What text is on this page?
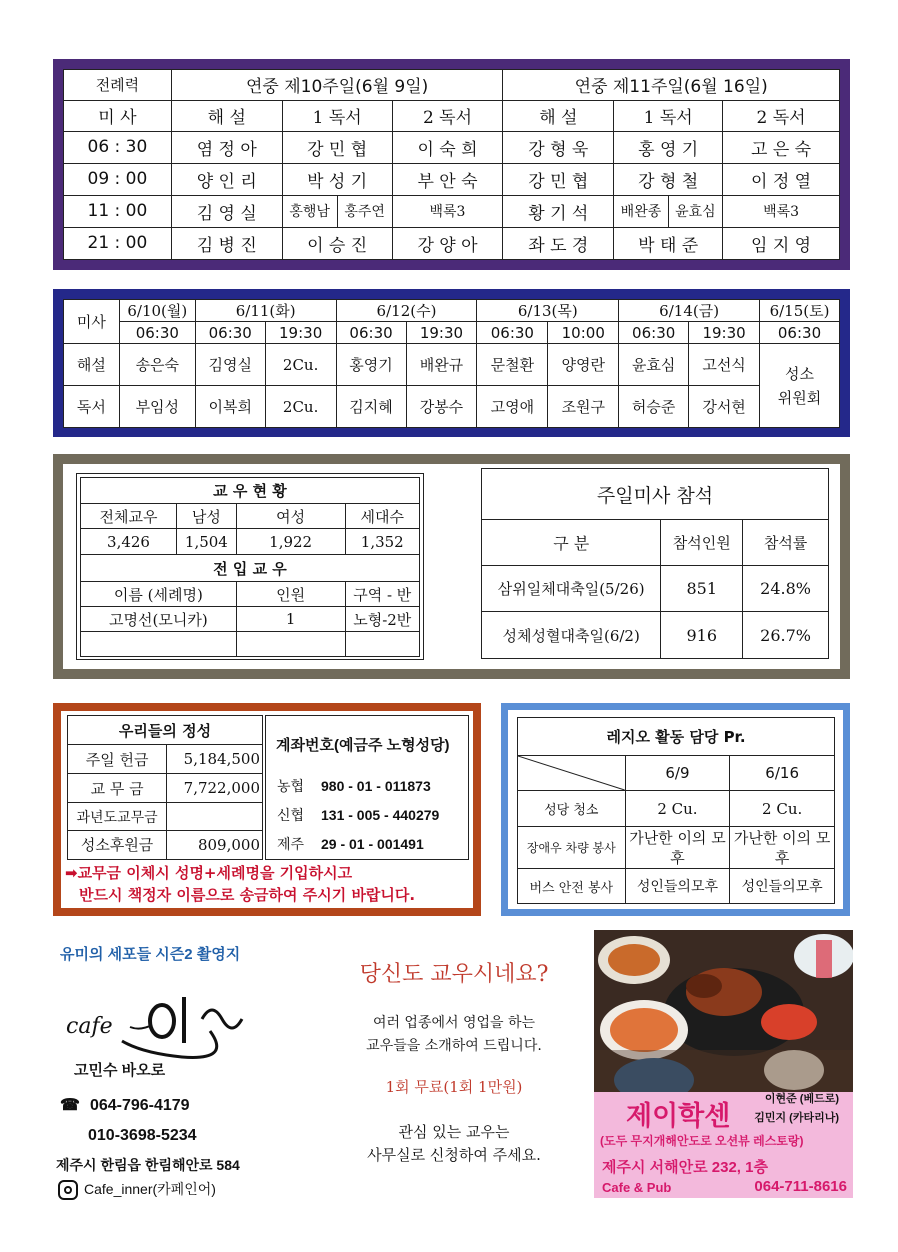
전례력	연중 제10주일(6월 9일)			연중 제11주일(6월 16일)		
미 사	해 설	1 독서	2 독서	해 설	1 독서	2 독서
06 : 30	염 정 아	강 민 협	이 숙 희	강 형 욱	홍 영 기	고 은 숙
09 : 00	양 인 리	박 성 기	부 안 숙	강 민 협	강 형 철	이 정 열
11 : 00	김 영 실	홍행남 홍주연	백록3	황 기 석	배완종 윤효심	백록3
21 : 00	김 병 진	이 승 진	강 양 아	좌 도 경	박 태 준	임 지 영
미사	6/10(월)	6/11(화)		6/12(수)		6/13(목)		6/14(금)		6/15(토)
	06:30	06:30	19:30	06:30	19:30	06:30	10:00	06:30	19:30	06:30
해설	송은숙	김영실	2Cu.	홍영기	배완규	문철환	양영란	윤효심	고선식	성소
위원회
독서	부임성	이복희	2Cu.	김지혜	강봉수	고영애	조원구	허승준	강서현	
교 우 현 황			
전체교우	남성	여성	세대수
3,426	1,504	1,922	1,352
전 입 교 우			
이름 (세례명)		인원	구역 - 반
고명선(모니카)		1	노형-2반

주일미사 참석		
구 분	참석인원	참석률
삼위일체대축일(5/26)	851	24.8%
성체성혈대축일(6/2)	916	26.7%
우리들의 정성	
주일 헌금	5,184,500
교 무 금	7,722,000
과년도교무금	
성소후원금	809,000
계좌번호(예금주 노형성당)
농협 980 - 01 - 011873
신협 131 - 005 - 440279
제주 29 - 01 - 001491
➡교무금 이체시 성명+세례명을 기입하시고
반드시 책정자 이름으로 송금하여 주시기 바랍니다.
레지오 활동 담당 Pr.		

	6/9	6/16
성당 청소	2 Cu.	2 Cu.
장애우 차량 봉사	가난한 이의 모후	가난한 이의 모후
버스 안전 봉사	성인들의모후	성인들의모후
유미의 세포들 시즌2 촬영지
cafe
고민수 바오로
☎ 064-796-4179
010-3698-5234
제주시 한림읍 한림해안로 584
Cafe_inner(카페인어)
당신도 교우시네요?
여러 업종에서 영업을 하는
교우들을 소개하여 드립니다.
1회 무료(1회 1만원)
관심 있는 교우는
사무실로 신청하여 주세요.
이현준 (베드로)
김민지 (카타리나)
제이학센
(도두 무지개해안도로 오션뷰 레스토랑)
제주시 서해안로 232, 1층
Cafe & Pub	064-711-8616
